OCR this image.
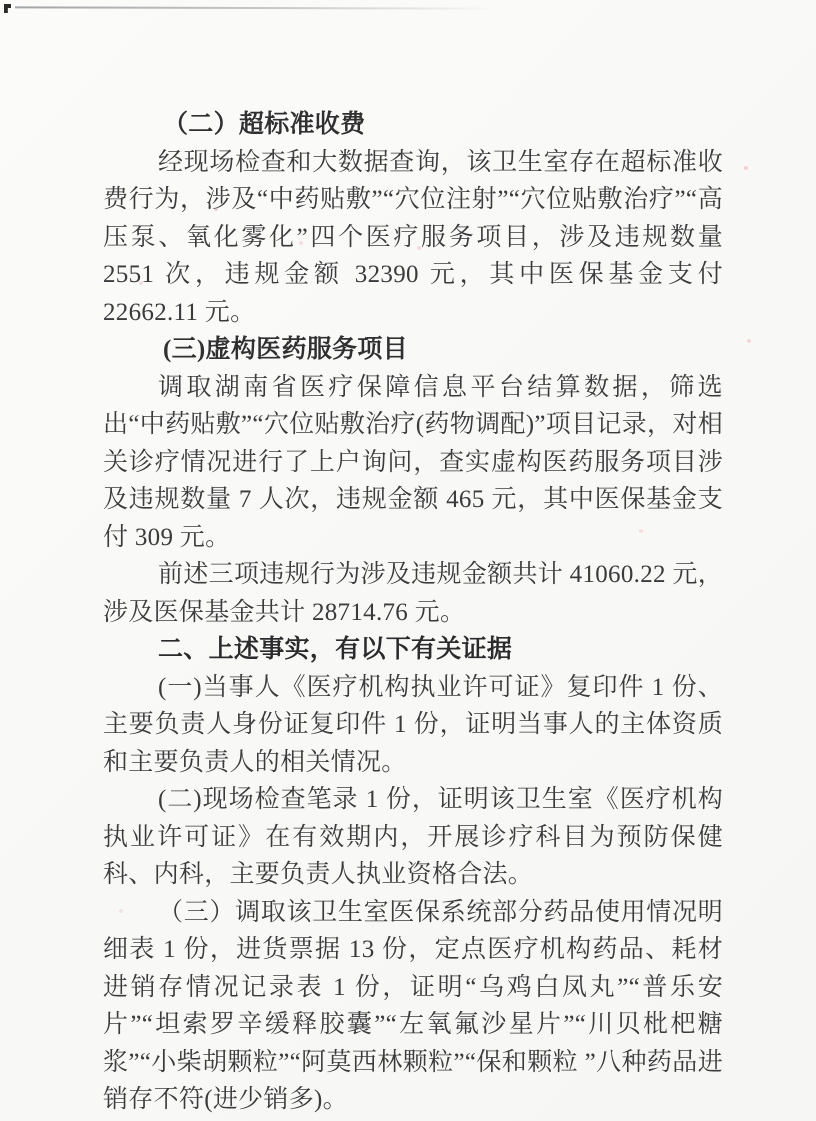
（二）超标准收费

经现场检查和大数据查询，该卫生室存在超标准收费行为，涉及“中药贴敷”“穴位注射”“穴位贴敷治疗”“高压泵、氧化雾化”四个医疗服务项目，涉及违规数量 2551 次，违规金额 32390 元，其中医保基金支付 22662.11 元。

(三)虚构医药服务项目

调取湖南省医疗保障信息平台结算数据，筛选出“中药贴敷”“穴位贴敷治疗(药物调配)”项目记录，对相关诊疗情况进行了上户询问，查实虚构医药服务项目涉及违规数量 7 人次，违规金额 465 元，其中医保基金支付 309 元。

前述三项违规行为涉及违规金额共计 41060.22 元，涉及医保基金共计 28714.76 元。

二、上述事实，有以下有关证据

(一)当事人《医疗机构执业许可证》复印件 1 份、主要负责人身份证复印件 1 份，证明当事人的主体资质和主要负责人的相关情况。

(二)现场检查笔录 1 份，证明该卫生室《医疗机构执业许可证》在有效期内，开展诊疗科目为预防保健科、内科，主要负责人执业资格合法。

（三）调取该卫生室医保系统部分药品使用情况明细表 1 份，进货票据 13 份，定点医疗机构药品、耗材进销存情况记录表 1 份，证明“乌鸡白凤丸”“普乐安片”“坦索罗辛缓释胶囊”“左氧氟沙星片”“川贝枇杷糖浆”“小柴胡颗粒”“阿莫西林颗粒”“保和颗粒 ”八种药品进销存不符(进少销多)。
